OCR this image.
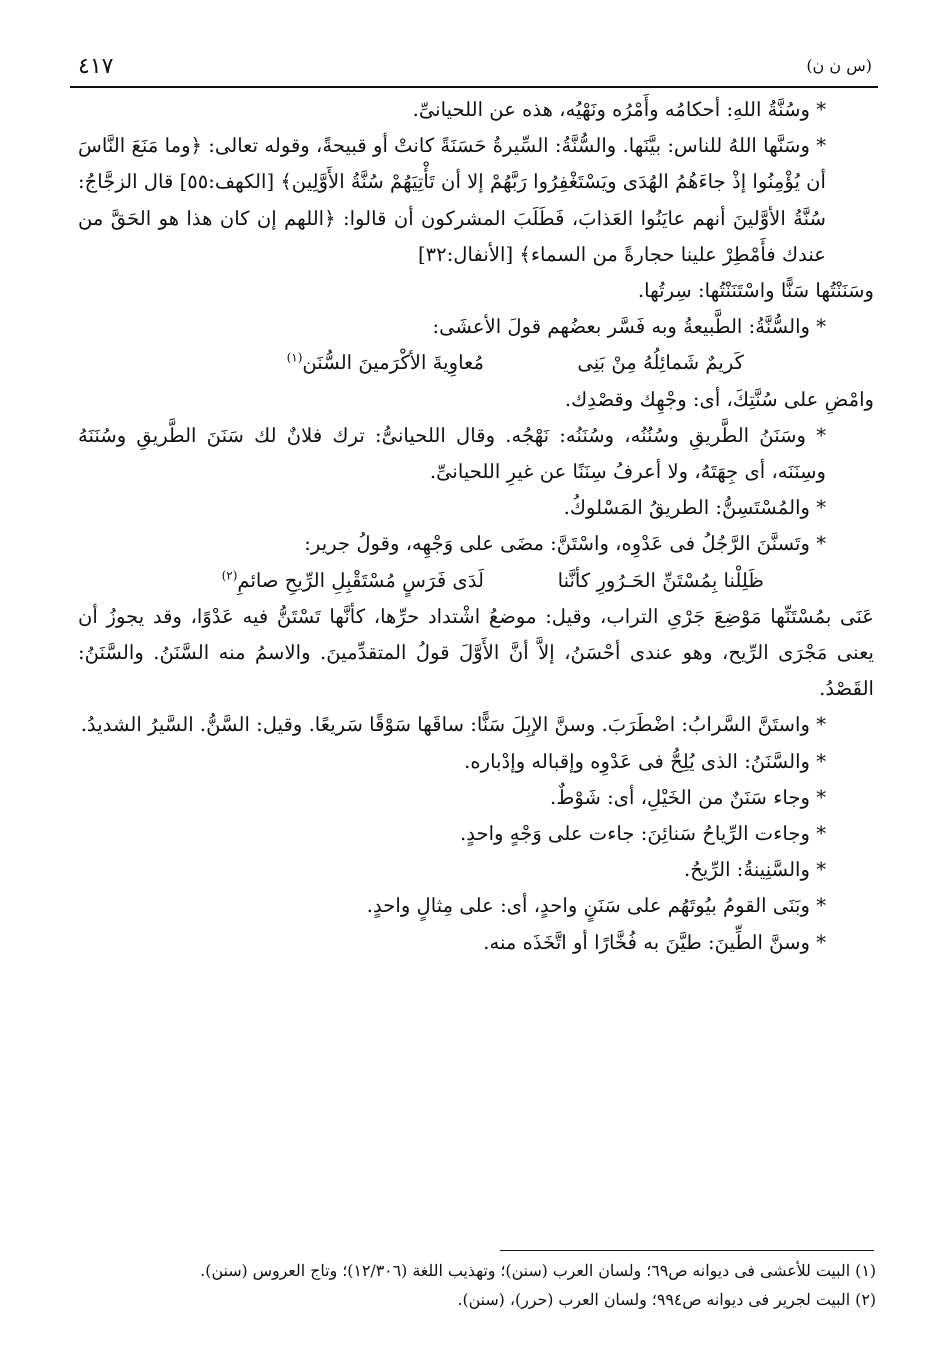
٤١٧	(س ن ن)

* وسُنَّةُ اللهِ: أحكامُه وأَمْرُه ونَهْيُه، هذه عن اللحيانىِّ.

* وسَنَّها اللهُ للناس: بيَّنَها. والسُّنَّةُ: السِّيرةُ حَسَنَةً كانتْ أو قبيحةً، وقوله تعالى: ﴿وما مَنَعَ النَّاسَ أن يُؤْمِنُوا إذْ جاءَهُمُ الهُدَى ويَسْتَغْفِرُوا رَبَّهُمْ إلا أن تَأْتِيَهُمْ سُنَّةُ الأَوَّلِين﴾ [الكهف:٥٥] قال الزجَّاجُ: سُنَّةُ الأوَّلينَ أنهم عايَنُوا العَذابَ، فَطَلَبَ المشركون أن قالوا: ﴿اللهم إن كان هذا هو الحَقَّ من عندك فأَمْطِرْ علينا حجارةً من السماء﴾ [الأنفال:٣٢]

وسَنَنْتُها سَنًّا واسْتَنَنْتُها: سِرتُها.

* والسُّنَّةُ: الطَّبيعةُ وبه فَسَّر بعضُهم قولَ الأعشَى:

كَريمٌ شَمائِلُهُ مِنْ بَنِى
مُعاوِيةَ الأكْرَمينَ السُّنَن$^{(١)}$

وامْضِ على سُنَّتِكَ، أى: وجْهِك وقصْدِك.

* وسَنَنُ الطَّريقِ وسُنُنُه، وسُنَنُه: نَهْجُه. وقال اللحيانىُّ: ترك فلانٌ لك سَنَنَ الطَّريقِ وسُنَنَهُ وسِنَنَه، أى جِهَتَهُ، ولا أعرفُ سِنَنًا عن غيرِ اللحيانىِّ.

* والمُسْتَسِنُّ: الطريقُ المَسْلوكُ.

* وتَسنَّنَ الرَّجُلُ فى عَدْوِه، واسْتَنَّ: مضَى على وَجْهِه، وقولُ جرير:

ظَلِلْنا بِمُسْتَنِّ الحَـرُورِ كأنَّنا
لَدَى فَرَسٍ مُسْتَقْبِلِ الرِّيحِ صائمِ$^{(٢)}$

عَنَى بمُسْتَنِّها مَوْضِعَ جَرْىِ التراب، وقيل: موضعُ اشْتداد حرِّها، كأنَّها تَسْتَنُّ فيه عَدْوًا، وقد يجوزُ أن يعنى مَجْرَى الرِّيح، وهو عندى أحْسَنُ، إلاَّ أنَّ الأَوَّلَ قولُ المتقدِّمينَ. والاسمُ منه السَّنَنُ. والسَّنَنُ: القَصْدُ.

* واستَنَّ السَّرابُ: اضْطَرَبَ. وسنَّ الإبِلَ سَنًّا: ساقَها سَوْقًا سَريعًا. وقيل: السَّنُّ. السَّيرُ الشديدُ.

* والسَّنَنُ: الذى يُلِحُّ فى عَدْوِه وإقباله وإدْباره.

* وجاء سَنَنٌ من الخَيْلِ، أى: شَوْطٌ.

* وجاءت الرِّياحُ سَنائِنَ: جاءت على وَجْهٍ واحدٍ.

* والسَّنِينةُ: الرِّيحُ.

* وبَنَى القومُ بيُوتَهُم على سَنَنٍ واحدٍ، أى: على مِثالٍ واحدٍ.

* وسنَّ الطِّينَ: طيَّنَ به فُخَّارًا أو اتَّخَذَه منه.

(١) البيت للأعشى فى ديوانه ص٦٩؛ ولسان العرب (سنن)؛ وتهذيب اللغة (١٢/٣٠٦)؛ وتاج العروس (سنن).

(٢) البيت لجرير فى ديوانه ص٩٩٤؛ ولسان العرب (حرر)، (سنن).
